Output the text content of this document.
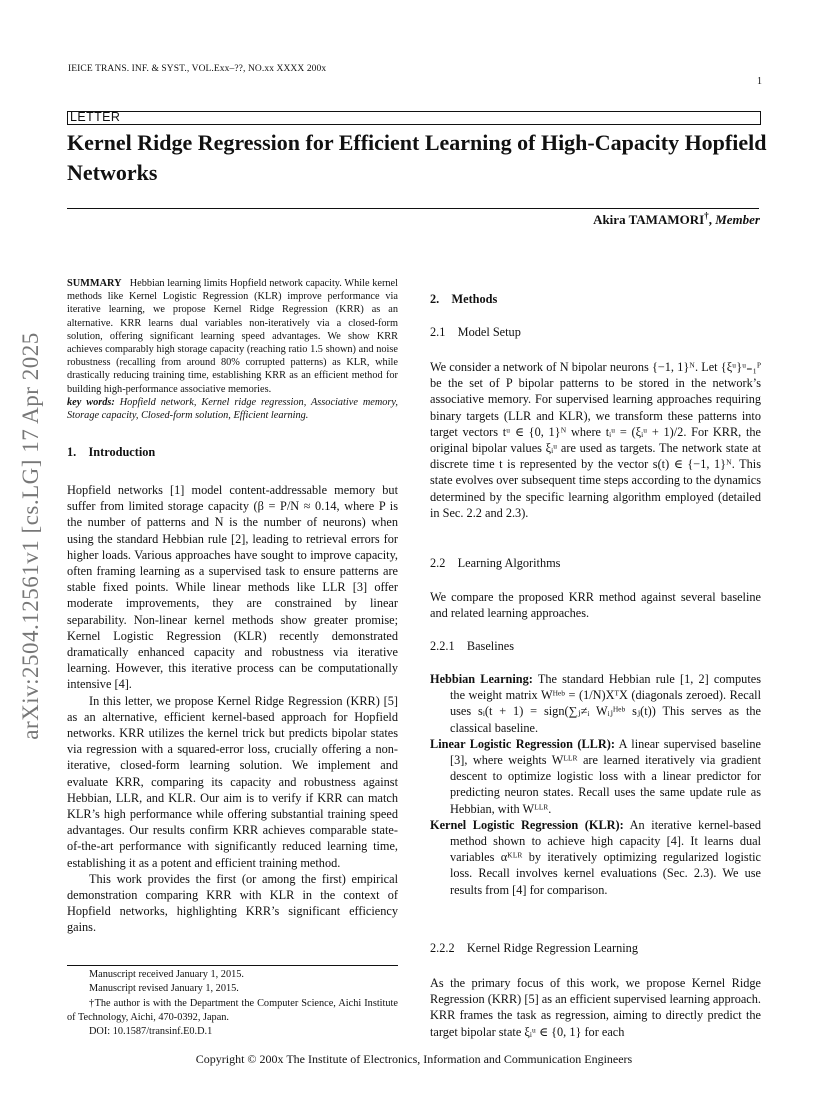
IEICE TRANS. INF. & SYST., VOL.Exx–??, NO.xx XXXX 200x
1
LETTER
Kernel Ridge Regression for Efficient Learning of High-Capacity Hopfield Networks
Akira TAMAMORI†, Member
arXiv:2504.12561v1 [cs.LG] 17 Apr 2025
SUMMARY Hebbian learning limits Hopfield network capacity. While kernel methods like Kernel Logistic Regression (KLR) improve performance via iterative learning, we propose Kernel Ridge Regression (KRR) as an alternative. KRR learns dual variables non-iteratively via a closed-form solution, offering significant learning speed advantages. We show KRR achieves comparably high storage capacity (reaching ratio 1.5 shown) and noise robustness (recalling from around 80% corrupted patterns) as KLR, while drastically reducing training time, establishing KRR as an efficient method for building high-performance associative memories.
key words: Hopfield network, Kernel ridge regression, Associative memory, Storage capacity, Closed-form solution, Efficient learning.
1.    Introduction

Hopfield networks [1] model content-addressable memory but suffer from limited storage capacity (β = P/N ≈ 0.14, where P is the number of patterns and N is the number of neurons) when using the standard Hebbian rule [2], leading to retrieval errors for higher loads. Various approaches have sought to improve capacity, often framing learning as a supervised task to ensure patterns are stable fixed points. While linear methods like LLR [3] offer moderate improvements, they are constrained by linear separability. Non-linear kernel methods show greater promise; Kernel Logistic Regression (KLR) recently demonstrated dramatically enhanced capacity and robustness via iterative learning. However, this iterative process can be computationally intensive [4].

In this letter, we propose Kernel Ridge Regression (KRR) [5] as an alternative, efficient kernel-based approach for Hopfield networks. KRR utilizes the kernel trick but predicts bipolar states via regression with a squared-error loss, crucially offering a non-iterative, closed-form learning solution. We implement and evaluate KRR, comparing its capacity and robustness against Hebbian, LLR, and KLR. Our aim is to verify if KRR can match KLR’s high performance while offering substantial training speed advantages. Our results confirm KRR achieves comparable state-of-the-art performance with significantly reduced learning time, establishing it as a potent and efficient training method.

This work provides the first (or among the first) empirical demonstration comparing KRR with KLR in the context of Hopfield networks, highlighting KRR’s significant efficiency gains.

Manuscript received January 1, 2015.

Manuscript revised January 1, 2015.

†The author is with the Department the Computer Science, Aichi Institute of Technology, Aichi, 470-0392, Japan.

DOI: 10.1587/transinf.E0.D.1

2.    Methods
2.1    Model Setup
We consider a network of N bipolar neurons {−1, 1}ᴺ. Let {ξᵘ}ᵘ₌₁ᴾ be the set of P bipolar patterns to be stored in the network’s associative memory. For supervised learning approaches requiring binary targets (LLR and KLR), we transform these patterns into target vectors tᵘ ∈ {0, 1}ᴺ where tᵢᵘ = (ξᵢᵘ + 1)/2. For KRR, the original bipolar values ξᵢᵘ are used as targets. The network state at discrete time t is represented by the vector s(t) ∈ {−1, 1}ᴺ. This state evolves over subsequent time steps according to the dynamics determined by the specific learning algorithm employed (detailed in Sec. 2.2 and 2.3).
2.2    Learning Algorithms
We compare the proposed KRR method against several baseline and related learning approaches.
2.2.1    Baselines

Hebbian Learning: The standard Hebbian rule [1, 2] computes the weight matrix Wᴴᵉᵇ = (1/N)XᵀX (diagonals zeroed). Recall uses sᵢ(t + 1) = sign(∑ⱼ≠ᵢ Wᵢⱼᴴᵉᵇ sⱼ(t)) This serves as the classical baseline.

Linear Logistic Regression (LLR): A linear supervised baseline [3], where weights Wᴸᴸᴿ are learned iteratively via gradient descent to optimize logistic loss with a linear predictor for predicting neuron states. Recall uses the same update rule as Hebbian, with Wᴸᴸᴿ.

Kernel Logistic Regression (KLR): An iterative kernel-based method shown to achieve high capacity [4]. It learns dual variables αᴷᴸᴿ by iteratively optimizing regularized logistic loss. Recall involves kernel evaluations (Sec. 2.3). We use results from [4] for comparison.

2.2.2    Kernel Ridge Regression Learning
As the primary focus of this work, we propose Kernel Ridge Regression (KRR) [5] as an efficient supervised learning approach. KRR frames the task as regression, aiming to directly predict the target bipolar state ξᵢᵘ ∈ {0, 1} for each
Copyright © 200x The Institute of Electronics, Information and Communication Engineers
